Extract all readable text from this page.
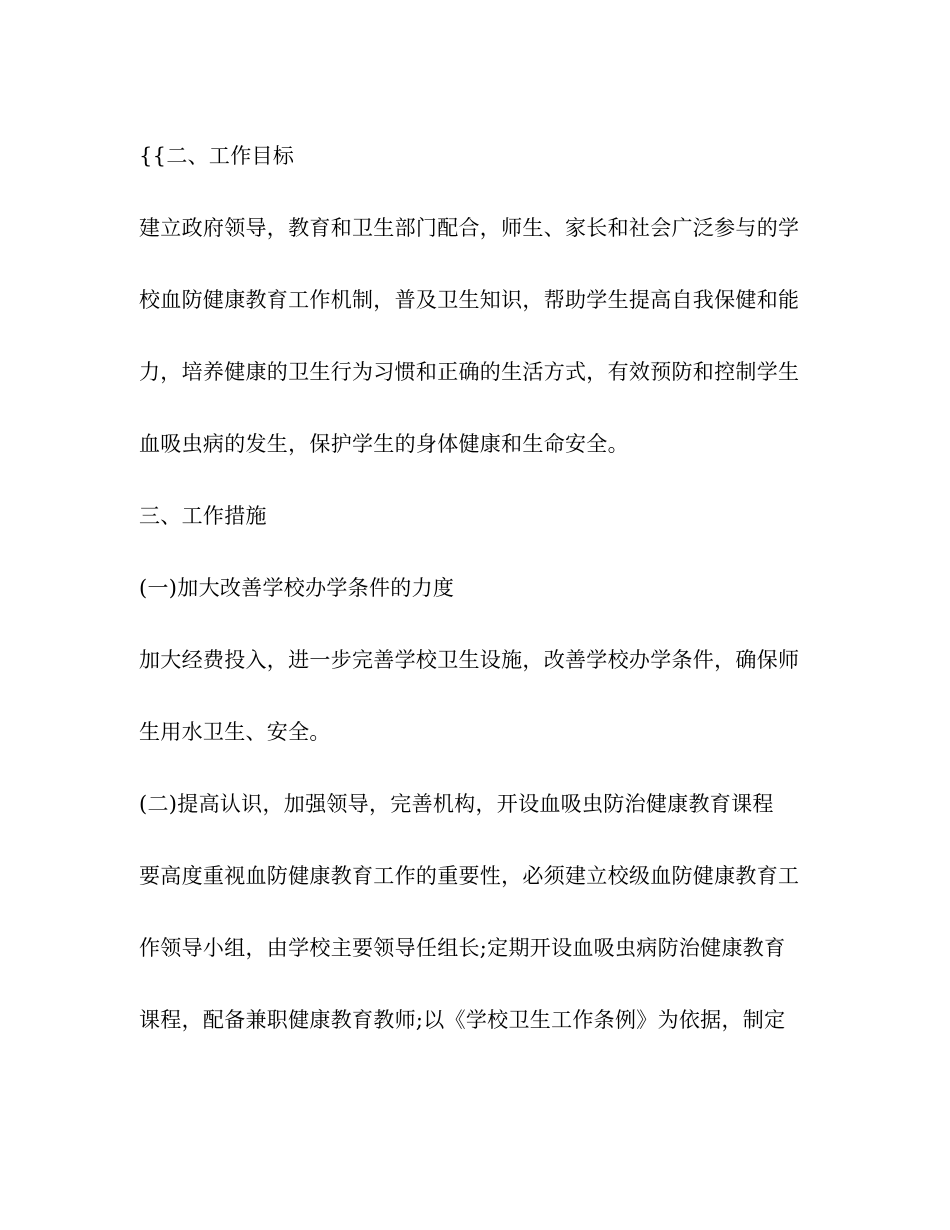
{{二、工作目标
建立政府领导，教育和卫生部门配合，师生、家长和社会广泛参与的学
校血防健康教育工作机制，普及卫生知识，帮助学生提高自我保健和能
力，培养健康的卫生行为习惯和正确的生活方式，有效预防和控制学生
血吸虫病的发生，保护学生的身体健康和生命安全。
三、工作措施
(一)加大改善学校办学条件的力度
加大经费投入，进一步完善学校卫生设施，改善学校办学条件，确保师
生用水卫生、安全。
(二)提高认识，加强领导，完善机构，开设血吸虫防治健康教育课程
要高度重视血防健康教育工作的重要性，必须建立校级血防健康教育工
作领导小组，由学校主要领导任组长;定期开设血吸虫病防治健康教育
课程，配备兼职健康教育教师;以《学校卫生工作条例》为依据，制定
